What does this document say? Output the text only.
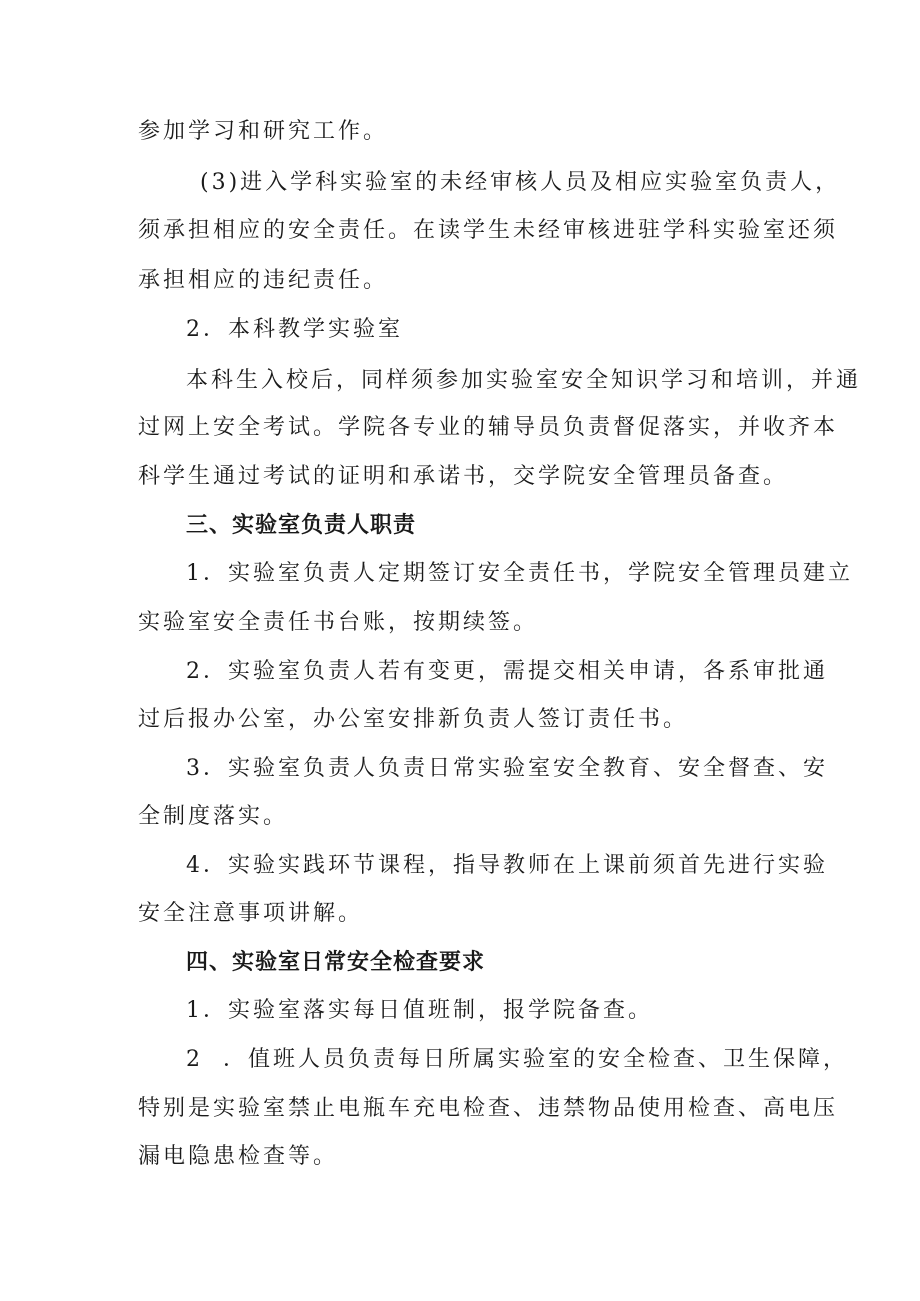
参加学习和研究工作。
(3)进入学科实验室的未经审核人员及相应实验室负责人，
须承担相应的安全责任。在读学生未经审核进驻学科实验室还须
承担相应的违纪责任。
2．本科教学实验室
本科生入校后，同样须参加实验室安全知识学习和培训，并通
过网上安全考试。学院各专业的辅导员负责督促落实，并收齐本
科学生通过考试的证明和承诺书，交学院安全管理员备查。
三、实验室负责人职责
1．实验室负责人定期签订安全责任书，学院安全管理员建立
实验室安全责任书台账，按期续签。
2．实验室负责人若有变更，需提交相关申请，各系审批通
过后报办公室，办公室安排新负责人签订责任书。
3．实验室负责人负责日常实验室安全教育、安全督查、安
全制度落实。
4．实验实践环节课程，指导教师在上课前须首先进行实验
安全注意事项讲解。
四、实验室日常安全检查要求
1．实验室落实每日值班制，报学院备查。
2  ．值班人员负责每日所属实验室的安全检查、卫生保障，
特别是实验室禁止电瓶车充电检查、违禁物品使用检查、高电压
漏电隐患检查等。
